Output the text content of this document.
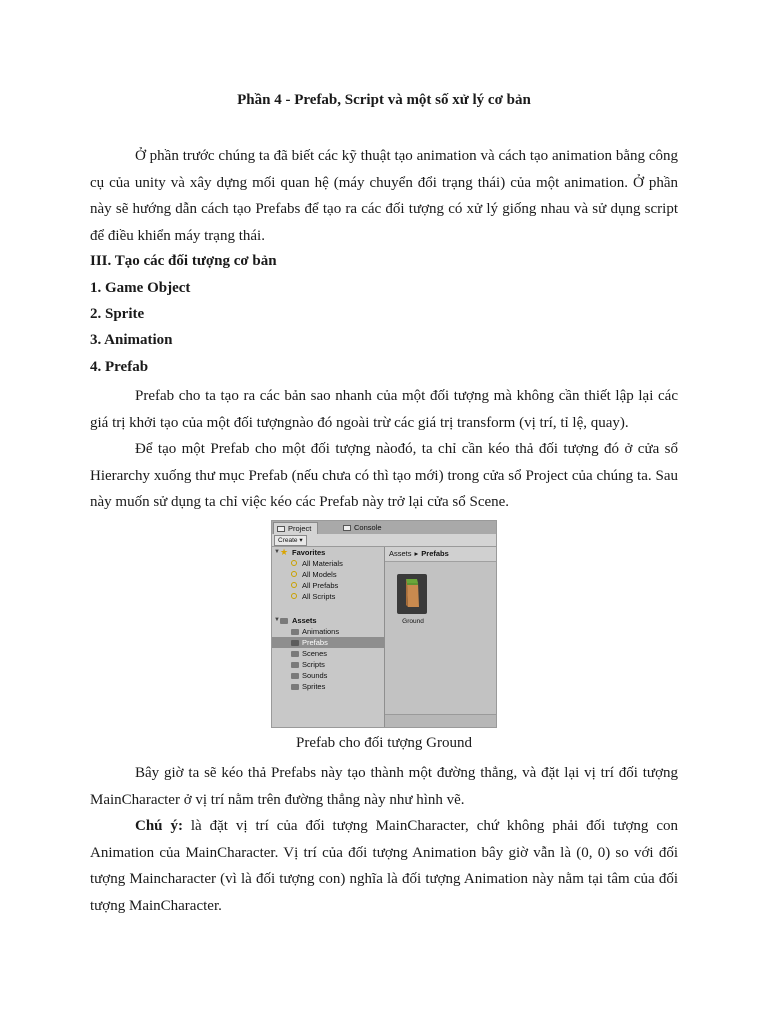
Phần 4 - Prefab, Script và một số xử lý cơ bản
Ở phần trước chúng ta đã biết các kỹ thuật tạo animation và cách tạo animation bằng công cụ của unity và xây dựng mối quan hệ (máy chuyển đổi trạng thái) của một animation. Ở phần này sẽ hướng dẫn cách tạo Prefabs để tạo ra các đối tượng có xử lý giống nhau và sử dụng script để điều khiển máy trạng thái.
III. Tạo các đối tượng cơ bản
1. Game Object
2. Sprite
3. Animation
4. Prefab
Prefab cho ta tạo ra các bản sao nhanh của một đối tượng mà không cần thiết lập lại các giá trị khởi tạo của một đối tượngnào đó ngoài trừ các giá trị transform (vị trí, tỉ lệ, quay).
Để tạo một Prefab cho một đối tượng nàođó, ta chỉ cần kéo thả đối tượng đó ở cửa sổ Hierarchy xuống thư mục Prefab (nếu chưa có thì tạo mới) trong cửa sổ Project của chúng ta. Sau này muốn sử dụng ta chỉ việc kéo các Prefab này trở lại cửa sổ Scene.
Project	Console
Create ▾
▼ ★ Favorites
All Materials
All Models
All Prefabs
All Scripts
▼ Assets
Animations
Prefabs
Scenes
Scripts
Sounds
Sprites
Assets ▸ Prefabs
Ground
Prefab cho đối tượng Ground
Bây giờ ta sẽ kéo thả Prefabs này tạo thành một đường thẳng, và đặt lại vị trí đối tượng MainCharacter ở vị trí nằm trên đường thẳng này như hình vẽ.
Chú ý: là đặt vị trí của đối tượng MainCharacter, chứ không phải đối tượng con Animation của MainCharacter. Vị trí của đối tượng Animation bây giờ vẫn là (0, 0) so với đối tượng Maincharacter (vì là đối tượng con) nghĩa là đối tượng Animation này nằm tại tâm của đối tượng MainCharacter.
